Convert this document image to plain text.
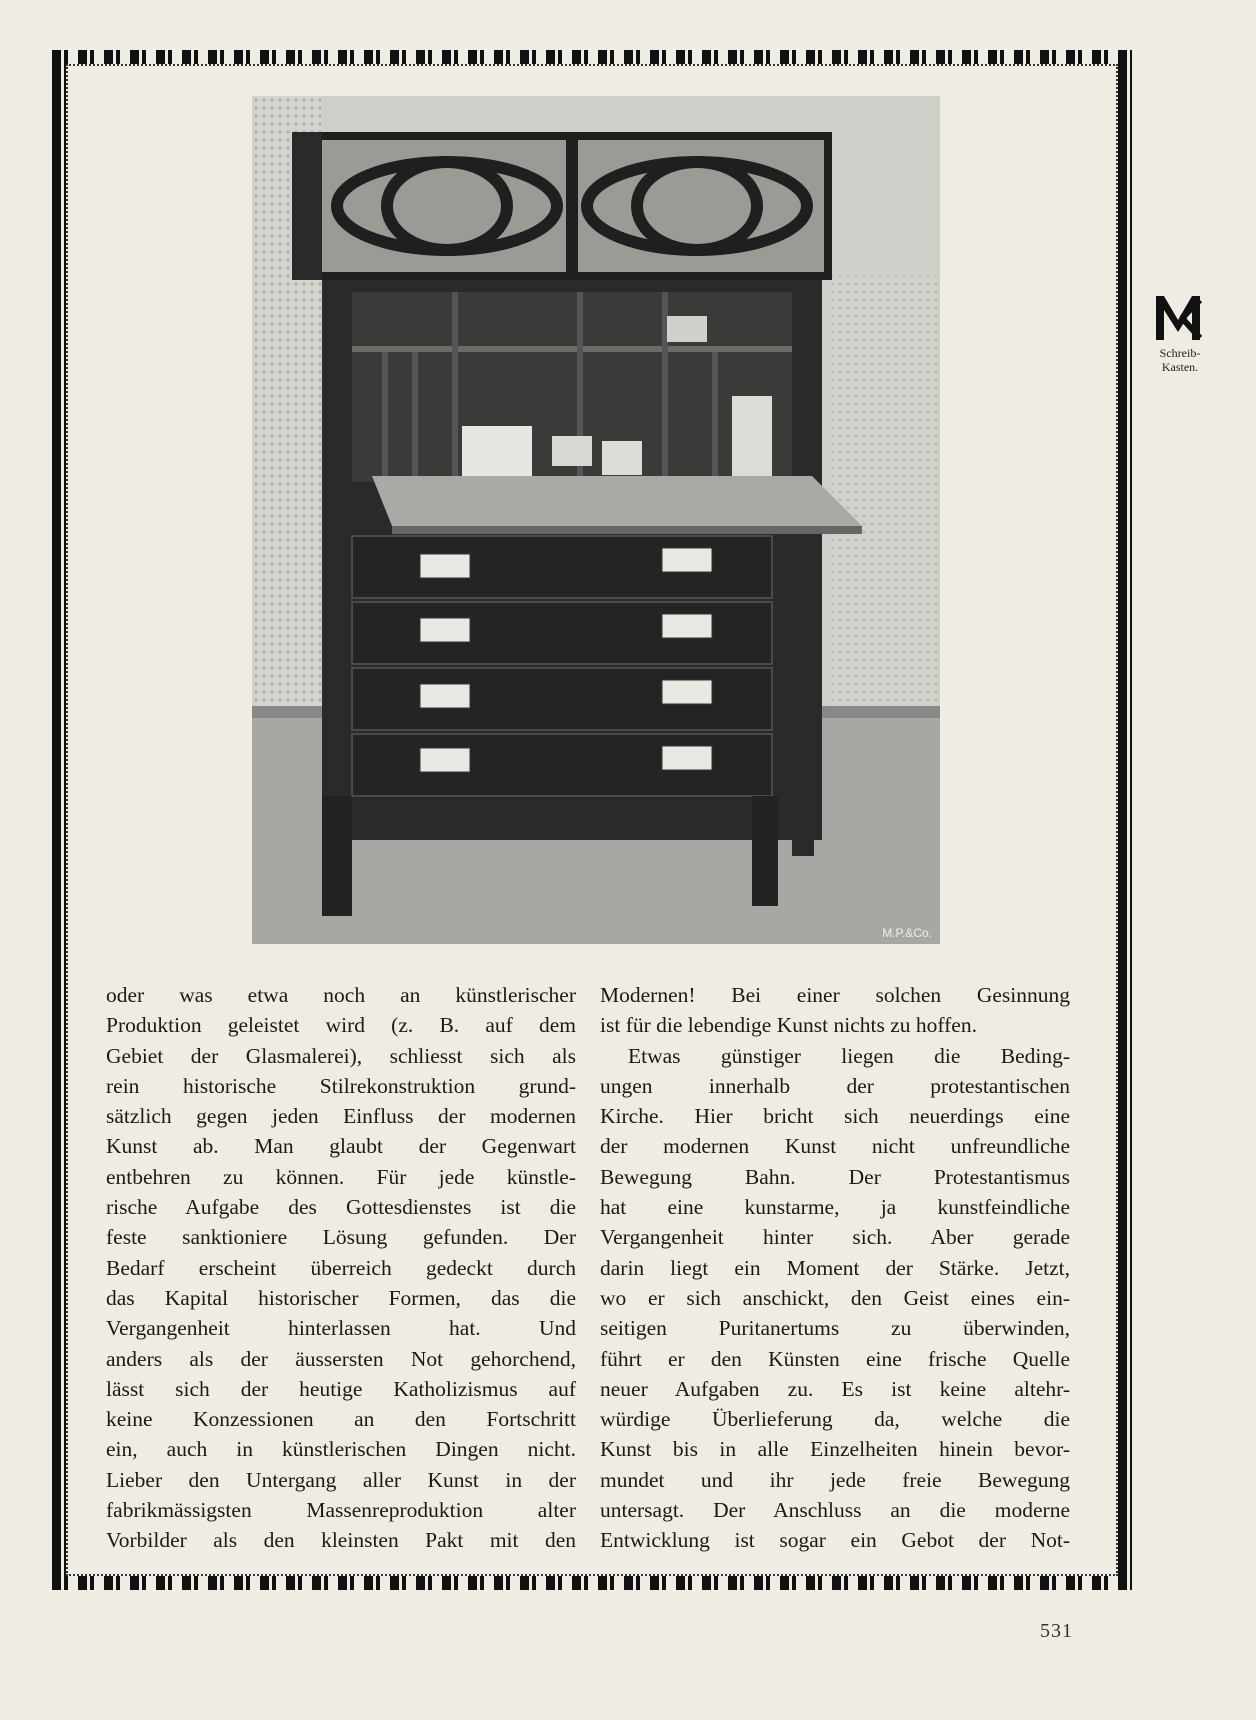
M.P.&Co.
Schreib-
Kasten.
oder was etwa noch an künstlerischer
Produktion geleistet wird (z. B. auf dem
Gebiet der Glasmalerei), schliesst sich als
rein historische Stilrekonstruktion grund-
sätzlich gegen jeden Einfluss der modernen
Kunst ab. Man glaubt der Gegenwart
entbehren zu können. Für jede künstle-
rische Aufgabe des Gottesdienstes ist die
feste sanktioniere Lösung gefunden. Der
Bedarf erscheint überreich gedeckt durch
das Kapital historischer Formen, das die
Vergangenheit hinterlassen hat. Und
anders als der äussersten Not gehorchend,
lässt sich der heutige Katholizismus auf
keine Konzessionen an den Fortschritt
ein, auch in künstlerischen Dingen nicht.
Lieber den Untergang aller Kunst in der
fabrikmässigsten Massenreproduktion alter
Vorbilder als den kleinsten Pakt mit den
Modernen! Bei einer solchen Gesinnung
ist für die lebendige Kunst nichts zu hoffen.
Etwas günstiger liegen die Beding-
ungen innerhalb der protestantischen
Kirche. Hier bricht sich neuerdings eine
der modernen Kunst nicht unfreundliche
Bewegung Bahn. Der Protestantismus
hat eine kunstarme, ja kunstfeindliche
Vergangenheit hinter sich. Aber gerade
darin liegt ein Moment der Stärke. Jetzt,
wo er sich anschickt, den Geist eines ein-
seitigen Puritanertums zu überwinden,
führt er den Künsten eine frische Quelle
neuer Aufgaben zu. Es ist keine altehr-
würdige Überlieferung da, welche die
Kunst bis in alle Einzelheiten hinein bevor-
mundet und ihr jede freie Bewegung
untersagt. Der Anschluss an die moderne
Entwicklung ist sogar ein Gebot der Not-
531
